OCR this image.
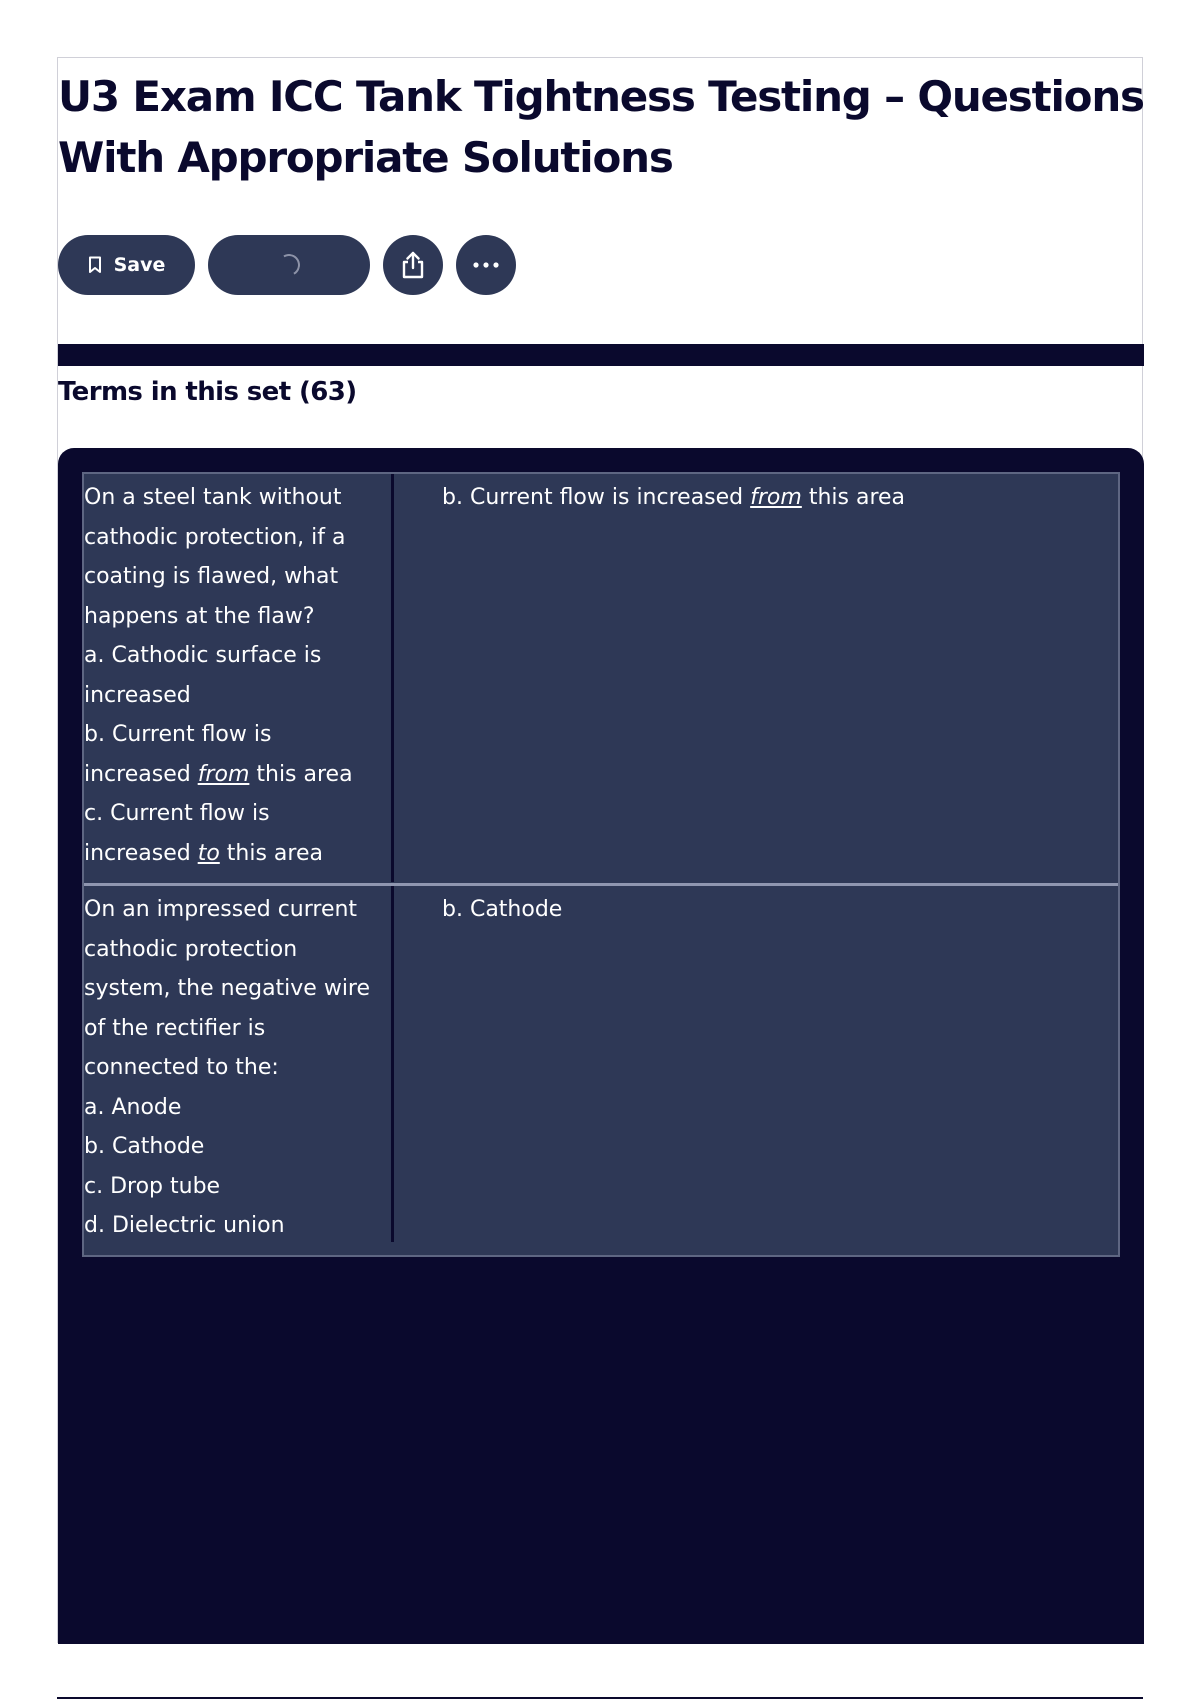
U3 Exam ICC Tank Tightness Testing – Questions
With Appropriate Solutions
Save
Terms in this set (63)
On a steel tank without
cathodic protection, if a
coating is flawed, what
happens at the flaw?
a. Cathodic surface is
increased
b. Current flow is
increased from this area
c. Current flow is
increased to this area
b. Current flow is increased from this area
On an impressed current
cathodic protection
system, the negative wire
of the rectifier is
connected to the:
a. Anode
b. Cathode
c. Drop tube
d. Dielectric union
b. Cathode
